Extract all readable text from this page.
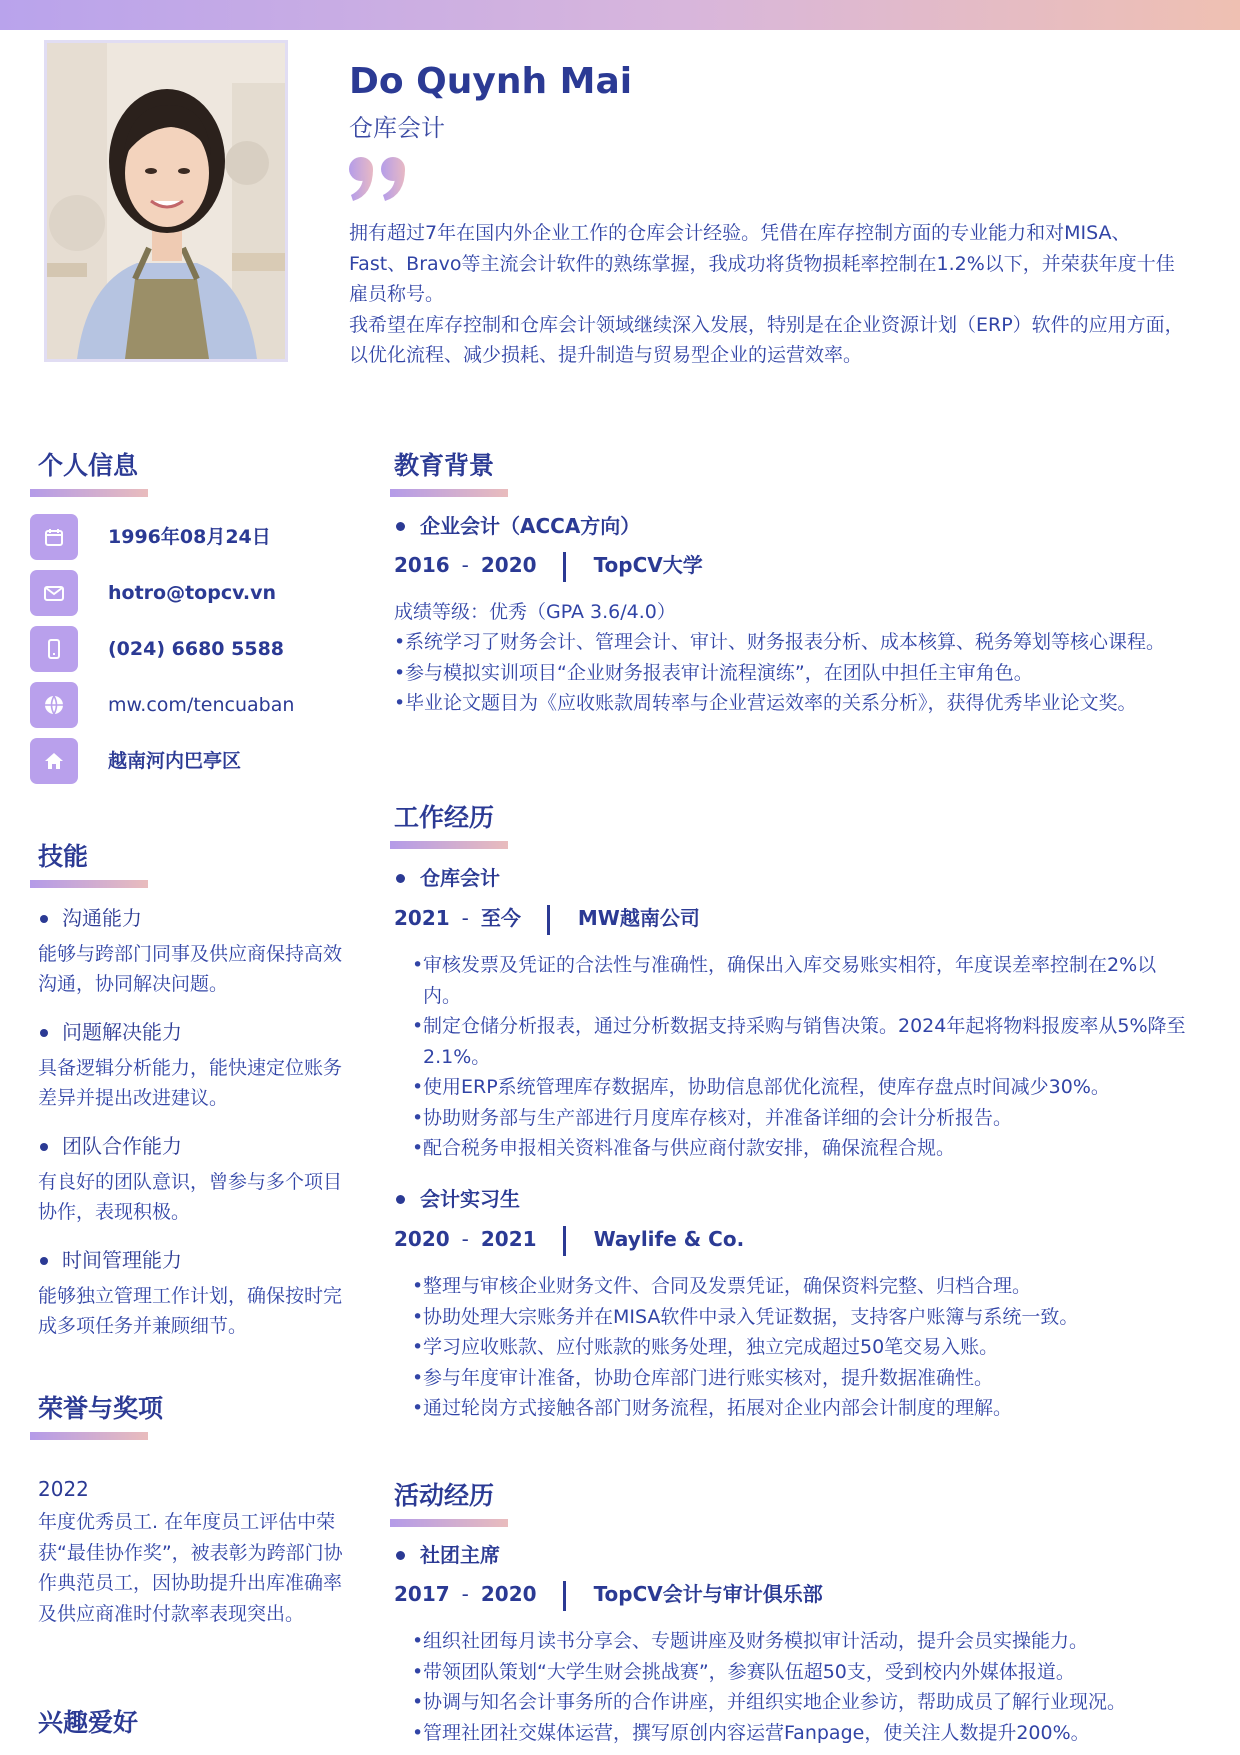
Do Quynh Mai
仓库会计

拥有超过7年在国内外企业工作的仓库会计经验。凭借在库存控制方面的专业能力和对MISA、Fast、Bravo等主流会计软件的熟练掌握，我成功将货物损耗率控制在1.2%以下，并荣获年度十佳雇员称号。

我希望在库存控制和仓库会计领域继续深入发展，特别是在企业资源计划（ERP）软件的应用方面，以优化流程、减少损耗、提升制造与贸易型企业的运营效率。

个人信息
1996年08月24日
hotro@topcv.vn
(024) 6680 5588
mw.com/tencuaban
越南河内巴亭区
技能
沟通能力
能够与跨部门同事及供应商保持高效沟通，协同解决问题。
问题解决能力
具备逻辑分析能力，能快速定位账务差异并提出改进建议。
团队合作能力
有良好的团队意识，曾参与多个项目协作，表现积极。
时间管理能力
能够独立管理工作计划，确保按时完成多项任务并兼顾细节。
荣誉与奖项
2022
年度优秀员工. 在年度员工评估中荣获“最佳协作奖”，被表彰为跨部门协作典范员工，因协助提升出库准确率及供应商准时付款率表现突出。
兴趣爱好
教育背景
企业会计（ACCA方向）
2016 - 2020	TopCV大学
成绩等级：优秀（GPA 3.6/4.0）
• 系统学习了财务会计、管理会计、审计、财务报表分析、成本核算、税务筹划等核心课程。
• 参与模拟实训项目“企业财务报表审计流程演练”，在团队中担任主审角色。
• 毕业论文题目为《应收账款周转率与企业营运效率的关系分析》，获得优秀毕业论文奖。
工作经历
仓库会计
2021 - 至今	MW越南公司
• 审核发票及凭证的合法性与准确性，确保出入库交易账实相符，年度误差率控制在2%以内。
• 制定仓储分析报表，通过分析数据支持采购与销售决策。2024年起将物料报废率从5%降至2.1%。
• 使用ERP系统管理库存数据库，协助信息部优化流程，使库存盘点时间减少30%。
• 协助财务部与生产部进行月度库存核对，并准备详细的会计分析报告。
• 配合税务申报相关资料准备与供应商付款安排，确保流程合规。
会计实习生
2020 - 2021	Waylife & Co.
• 整理与审核企业财务文件、合同及发票凭证，确保资料完整、归档合理。
• 协助处理大宗账务并在MISA软件中录入凭证数据，支持客户账簿与系统一致。
• 学习应收账款、应付账款的账务处理，独立完成超过50笔交易入账。
• 参与年度审计准备，协助仓库部门进行账实核对，提升数据准确性。
• 通过轮岗方式接触各部门财务流程，拓展对企业内部会计制度的理解。
活动经历
社团主席
2017 - 2020	TopCV会计与审计俱乐部
• 组织社团每月读书分享会、专题讲座及财务模拟审计活动，提升会员实操能力。
• 带领团队策划“大学生财会挑战赛”，参赛队伍超50支，受到校内外媒体报道。
• 协调与知名会计事务所的合作讲座，并组织实地企业参访，帮助成员了解行业现况。
• 管理社团社交媒体运营，撰写原创内容运营Fanpage，使关注人数提升200%。
